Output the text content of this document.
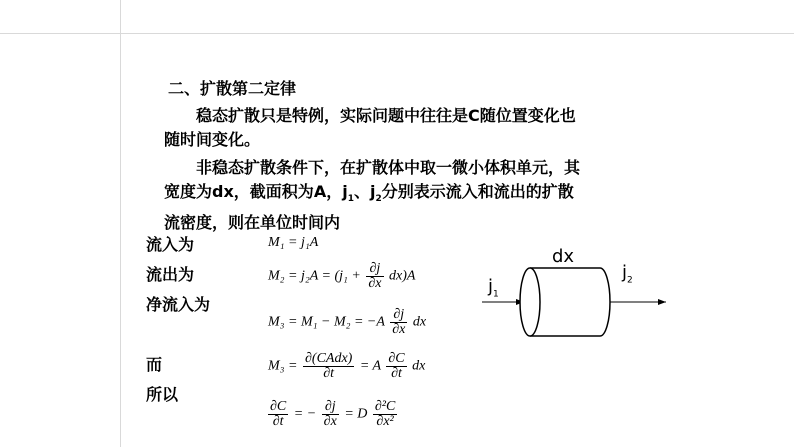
二、扩散第二定律
稳态扩散只是特例，实际问题中往往是C随位置变化也
随时间变化。
非稳态扩散条件下，在扩散体中取一微小体积单元，其
宽度为dx，截面积为A，$j_1$、$j_2$分别表示流入和流出的扩散
流密度，则在单位时间内
流入为
流出为
净流入为
而
所以
M₁ = j₁A
$M_2 = j_2A = (j_1 + \frac{\partial j}{\partial x} dx)A$
$M_3 = M_1 - M_2 = -A \frac{\partial j}{\partial x}$ dx
$M_3 = \frac{\text{∂(CAdx)}}{\partial t} = A \frac{\partial C}{\partial t}$ dx
$\frac{\partial C}{\partial t}$ = − $\frac{\partial j}{\partial x} = D \frac{\text{∂²C}}{\text{∂x²}}$
dx
$j_1$
$j_2$
